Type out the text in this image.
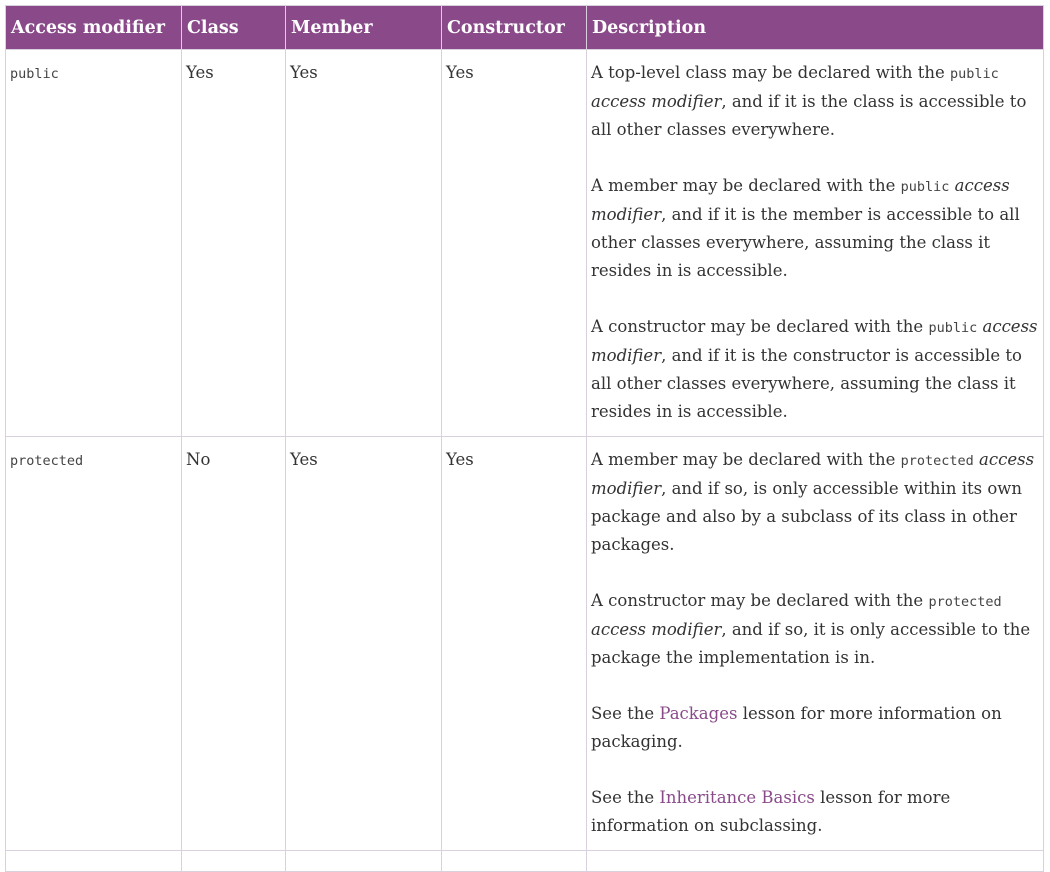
Access modifier	Class	Member	Constructor	Description
public	Yes	Yes	Yes	A top-level class may be declared with the public access modifier, and if it is the class is accessible to all other classes everywhere.

A member may be declared with the public access modifier, and if it is the member is accessible to all other classes everywhere, assuming the class it resides in is accessible.

A constructor may be declared with the public access modifier, and if it is the constructor is accessible to all other classes everywhere, assuming the class it resides in is accessible.

protected	No	Yes	Yes	A member may be declared with the protected access modifier, and if so, is only accessible within its own package and also by a subclass of its class in other packages.

A constructor may be declared with the protected access modifier, and if so, it is only accessible to the package the implementation is in.

See the Packages lesson for more information on packaging.

See the Inheritance Basics lesson for more information on subclassing.
